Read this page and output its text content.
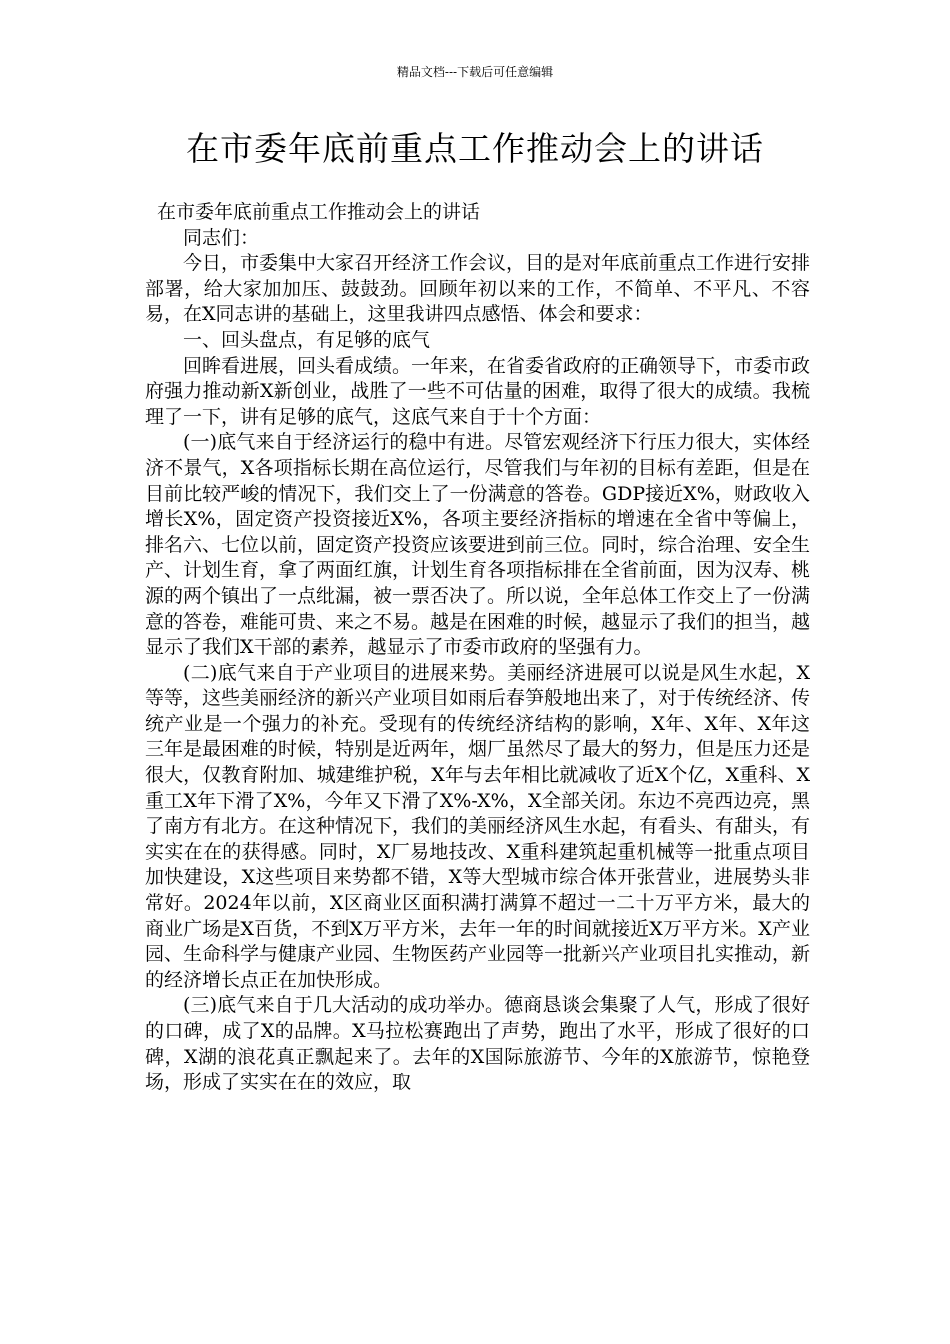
精品文档---下载后可任意编辑
在市委年底前重点工作推动会上的讲话

在市委年底前重点工作推动会上的讲话

同志们：

今日，市委集中大家召开经济工作会议，目的是对年底前重点工作进行安排部署，给大家加加压、鼓鼓劲。回顾年初以来的工作，不简单、不平凡、不容易，在X同志讲的基础上，这里我讲四点感悟、体会和要求：

一、回头盘点，有足够的底气

回眸看进展，回头看成绩。一年来，在省委省政府的正确领导下，市委市政府强力推动新X新创业，战胜了一些不可估量的困难，取得了很大的成绩。我梳理了一下，讲有足够的底气，这底气来自于十个方面：

(一)底气来自于经济运行的稳中有进。尽管宏观经济下行压力很大，实体经济不景气，X各项指标长期在高位运行，尽管我们与年初的目标有差距，但是在目前比较严峻的情况下，我们交上了一份满意的答卷。GDP接近X%，财政收入增长X%，固定资产投资接近X%，各项主要经济指标的增速在全省中等偏上，排名六、七位以前，固定资产投资应该要进到前三位。同时，综合治理、安全生产、计划生育，拿了两面红旗，计划生育各项指标排在全省前面，因为汉寿、桃源的两个镇出了一点纰漏，被一票否决了。所以说，全年总体工作交上了一份满意的答卷，难能可贵、来之不易。越是在困难的时候，越显示了我们的担当，越显示了我们X干部的素养，越显示了市委市政府的坚强有力。

(二)底气来自于产业项目的进展来势。美丽经济进展可以说是风生水起，X等等，这些美丽经济的新兴产业项目如雨后春笋般地出来了，对于传统经济、传统产业是一个强力的补充。受现有的传统经济结构的影响，X年、X年、X年这三年是最困难的时候，特别是近两年，烟厂虽然尽了最大的努力，但是压力还是很大，仅教育附加、城建维护税，X年与去年相比就减收了近X个亿，X重科、X重工X年下滑了X%，今年又下滑了X%-X%，X全部关闭。东边不亮西边亮，黑了南方有北方。在这种情况下，我们的美丽经济风生水起，有看头、有甜头，有实实在在的获得感。同时，X厂易地技改、X重科建筑起重机械等一批重点项目加快建设，X这些项目来势都不错，X等大型城市综合体开张营业，进展势头非常好。2024年以前，X区商业区面积满打满算不超过一二十万平方米，最大的商业广场是X百货，不到X万平方米，去年一年的时间就接近X万平方米。X产业园、生命科学与健康产业园、生物医药产业园等一批新兴产业项目扎实推动，新的经济增长点正在加快形成。

(三)底气来自于几大活动的成功举办。德商恳谈会集聚了人气，形成了很好的口碑，成了X的品牌。X马拉松赛跑出了声势，跑出了水平，形成了很好的口碑，X湖的浪花真正飘起来了。去年的X国际旅游节、今年的X旅游节，惊艳登场，形成了实实在在的效应，取
